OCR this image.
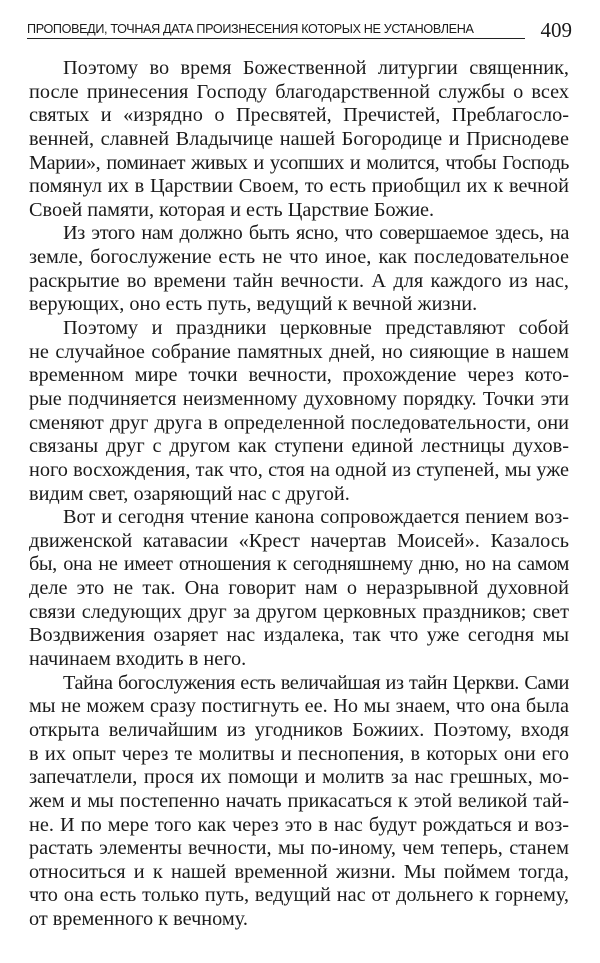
ПРОПОВЕДИ, ТОЧНАЯ ДАТА ПРОИЗНЕСЕНИЯ КОТОРЫХ НЕ УСТАНОВЛЕНА	409
Поэтому во время Божественной литургии священник,
после принесения Господу благодарственной службы о всех
святых и «изрядно о Пресвятей, Пречистей, Преблагосло-
венней, славней Владычице нашей Богородице и Приснодеве
Марии», поминает живых и усопших и молится, чтобы Господь
помянул их в Царствии Своем, то есть приобщил их к вечной
Своей памяти, которая и есть Царствие Божие.
Из этого нам должно быть ясно, что совершаемое здесь, на
земле, богослужение есть не что иное, как последовательное
раскрытие во времени тайн вечности. А для каждого из нас,
верующих, оно есть путь, ведущий к вечной жизни.
Поэтому и праздники церковные представляют собой
не случайное собрание памятных дней, но сияющие в нашем
временном мире точки вечности, прохождение через кото-
рые подчиняется неизменному духовному порядку. Точки эти
сменяют друг друга в определенной последовательности, они
связаны друг с другом как ступени единой лестницы духов-
ного восхождения, так что, стоя на одной из ступеней, мы уже
видим свет, озаряющий нас с другой.
Вот и сегодня чтение канона сопровождается пением воз-
движенской катавасии «Крест начертав Моисей». Казалось
бы, она не имеет отношения к сегодняшнему дню, но на самом
деле это не так. Она говорит нам о неразрывной духовной
связи следующих друг за другом церковных праздников; свет
Воздвижения озаряет нас издалека, так что уже сегодня мы
начинаем входить в него.
Тайна богослужения есть величайшая из тайн Церкви. Сами
мы не можем сразу постигнуть ее. Но мы знаем, что она была
открыта величайшим из угодников Божиих. Поэтому, входя
в их опыт через те молитвы и песнопения, в которых они его
запечатлели, прося их помощи и молитв за нас грешных, мо-
жем и мы постепенно начать прикасаться к этой великой тай-
не. И по мере того как через это в нас будут рождаться и воз-
растать элементы вечности, мы по-иному, чем теперь, станем
относиться и к нашей временной жизни. Мы поймем тогда,
что она есть только путь, ведущий нас от дольнего к горнему,
от временного к вечному.
